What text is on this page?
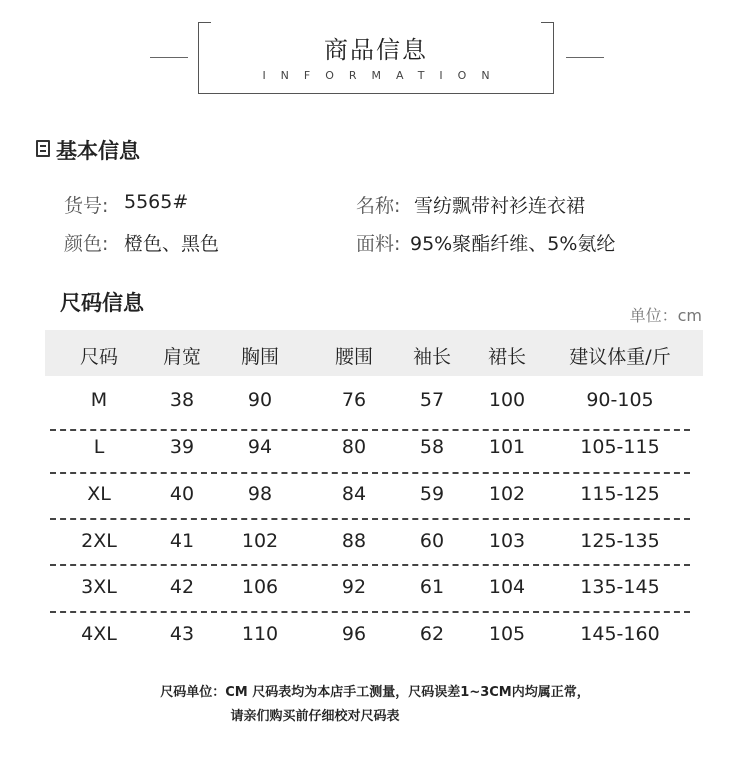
商品信息
INFORMATION
基本信息
货号: 5565#	名称: 雪纺飘带衬衫连衣裙
颜色: 橙色、黑色	面料: 95%聚酯纤维、5%氨纶
尺码信息
单位：cm
尺码	肩宽	胸围	腰围	袖长	裙长	建议体重/斤
M	38	90	76	57	100	90-105
L	39	94	80	58	101	105-115
XL	40	98	84	59	102	115-125
2XL	41	102	88	60	103	125-135
3XL	42	106	92	61	104	135-145
4XL	43	110	96	62	105	145-160
尺码单位：CM 尺码表均为本店手工测量，尺码误差1~3CM内均属正常，
请亲们购买前仔细校对尺码表
